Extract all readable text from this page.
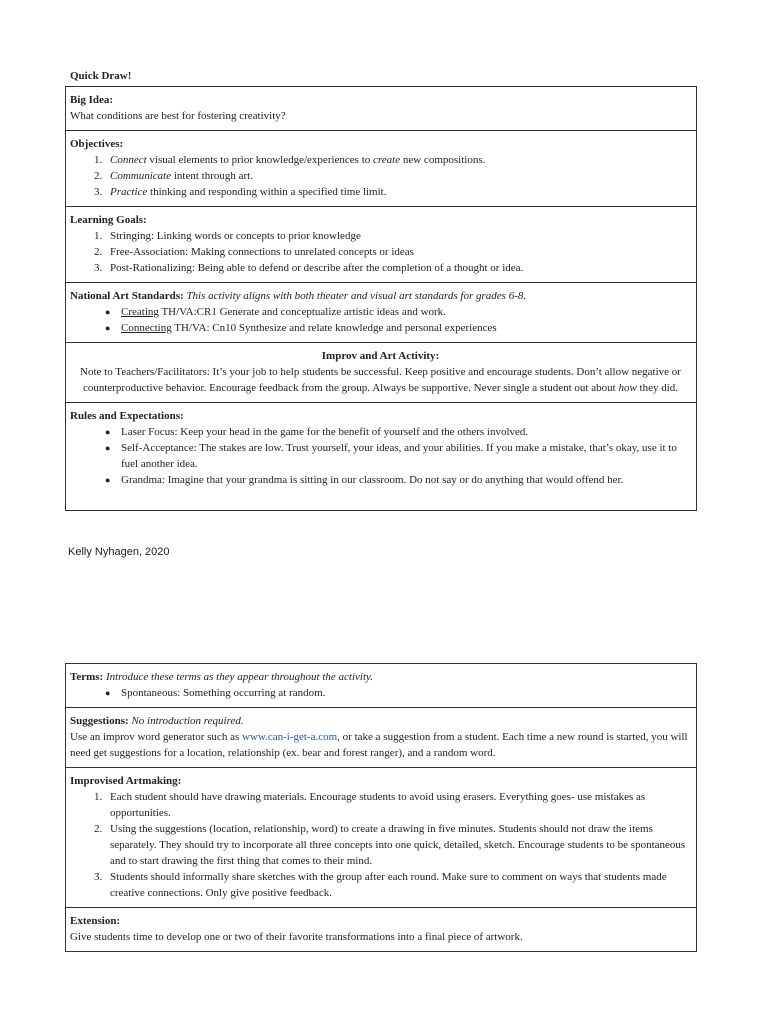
Quick Draw!
Big Idea:
What conditions are best for fostering creativity?
Objectives:
1. Connect visual elements to prior knowledge/experiences to create new compositions.
2. Communicate intent through art.
3. Practice thinking and responding within a specified time limit.
Learning Goals:
1. Stringing: Linking words or concepts to prior knowledge
2. Free-Association: Making connections to unrelated concepts or ideas
3. Post-Rationalizing: Being able to defend or describe after the completion of a thought or idea.
National Art Standards: This activity aligns with both theater and visual art standards for grades 6-8.
● Creating TH/VA:CR1 Generate and conceptualize artistic ideas and work.
● Connecting TH/VA: Cn10 Synthesize and relate knowledge and personal experiences
Improv and Art Activity:
Note to Teachers/Facilitators: It’s your job to help students be successful. Keep positive and encourage students. Don’t allow negative or counterproductive behavior. Encourage feedback from the group. Always be supportive. Never single a student out about how they did.
Rules and Expectations:
● Laser Focus: Keep your head in the game for the benefit of yourself and the others involved.
● Self-Acceptance: The stakes are low. Trust yourself, your ideas, and your abilities. If you make a mistake, that’s okay, use it to fuel another idea.
● Grandma: Imagine that your grandma is sitting in our classroom. Do not say or do anything that would offend her.
Kelly Nyhagen, 2020
Terms: Introduce these terms as they appear throughout the activity.
● Spontaneous: Something occurring at random.
Suggestions: No introduction required.
Use an improv word generator such as www.can-i-get-a.com, or take a suggestion from a student. Each time a new round is started, you will need get suggestions for a location, relationship (ex. bear and forest ranger), and a random word.
Improvised Artmaking:
1. Each student should have drawing materials. Encourage students to avoid using erasers. Everything goes- use mistakes as opportunities.
2. Using the suggestions (location, relationship, word) to create a drawing in five minutes. Students should not draw the items separately. They should try to incorporate all three concepts into one quick, detailed, sketch. Encourage students to be spontaneous and to start drawing the first thing that comes to their mind.
3. Students should informally share sketches with the group after each round. Make sure to comment on ways that students made creative connections. Only give positive feedback.
Extension:
Give students time to develop one or two of their favorite transformations into a final piece of artwork.
